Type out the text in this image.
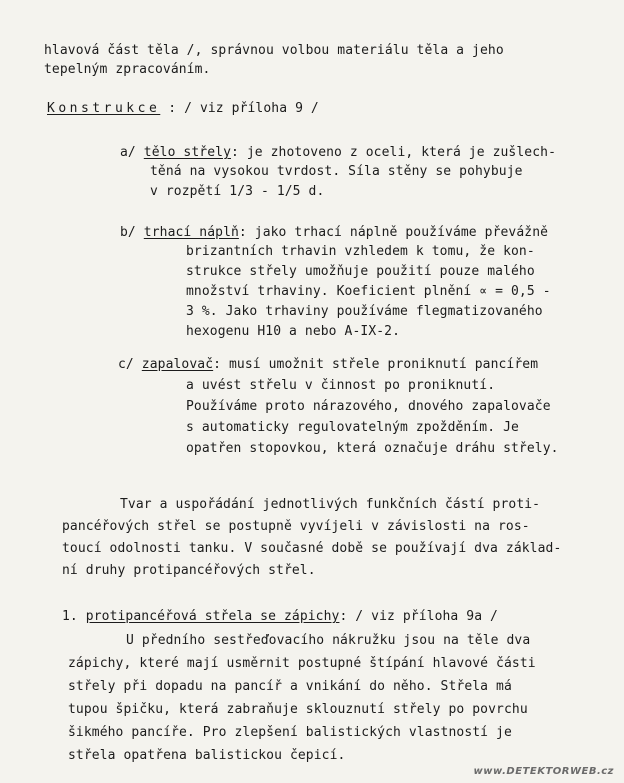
hlavová část těla /, správnou volbou materiálu těla a jeho
tepelným zpracováním.
Konstrukce : / viz příloha 9 /
a/ tělo střely: je zhotoveno z oceli, která je zušlech-
těná na vysokou tvrdost. Síla stěny se pohybuje
v rozpětí 1/3 - 1/5 d.
b/ trhací náplň: jako trhací náplně používáme převážně
brizantních trhavin vzhledem k tomu, že kon-
strukce střely umožňuje použití pouze malého
množství trhaviny. Koeficient plnění ∝ = 0,5 -
3 %. Jako trhaviny používáme flegmatizovaného
hexogenu H10 a nebo A-IX-2.
c/ zapalovač: musí umožnit střele proniknutí pancířem
a uvést střelu v činnost po proniknutí.
Používáme proto nárazového, dnového zapalovače
s automaticky regulovatelným zpožděním. Je
opatřen stopovkou, která označuje dráhu střely.
Tvar a uspořádání jednotlivých funkčních částí proti-
pancéřových střel se postupně vyvíjeli v závislosti na ros-
toucí odolnosti tanku. V současné době se používají dva základ-
ní druhy protipancéřových střel.
1. protipancéřová střela se zápichy: / viz příloha 9a /
U předního sestřeďovacího nákružku jsou na těle dva
zápichy, které mají usměrnit postupné štípání hlavové části
střely při dopadu na pancíř a vnikání do něho. Střela má
tupou špičku, která zabraňuje sklouznutí střely po povrchu
šikmého pancíře. Pro zlepšení balistických vlastností je
střela opatřena balistickou čepicí.
www.DETEKTORWEB.cz
